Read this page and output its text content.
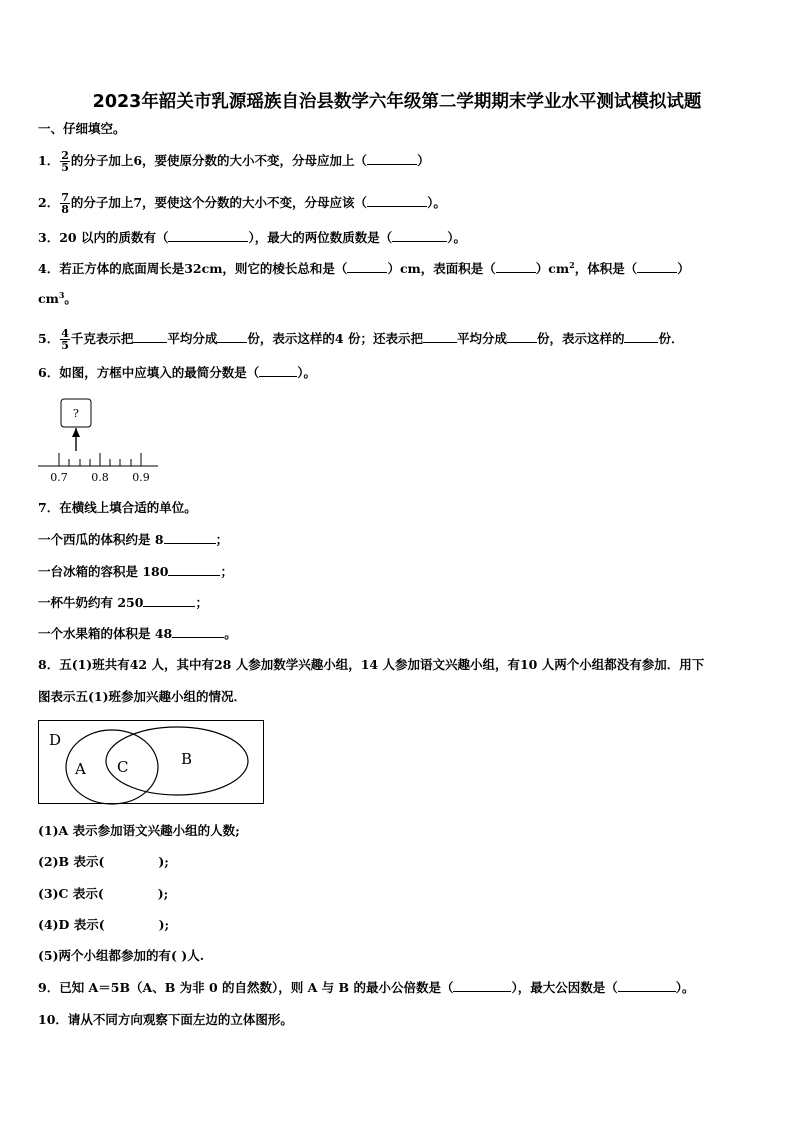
2023年韶关市乳源瑶族自治县数学六年级第二学期期末学业水平测试模拟试题
一、仔细填空。
1． $\frac{2}{5}$ 的分子加上6，要使原分数的大小不变，分母应加上（	）
2． $\frac{7}{8}$ 的分子加上7，要使这个分数的大小不变，分母应该（	）。
3．20 以内的质数有（	），最大的两位数质数是（	）。
4．若正方体的底面周长是32cm，则它的棱长总和是（	）cm，表面积是（	）$cm^2$，体积是（	）
$cm^3$。
5． $\frac{4}{5}$ 千克表示把	平均分成 份，表示这样的4 份；还表示把	平均分成 份，表示这样的	份．
6．如图，方框中应填入的最简分数是（	）。
?
0.7 0.8 0.9
7．在横线上填合适的单位。
一个西瓜的体积约是 8	；
一台冰箱的容积是 180	；
一杯牛奶约有 250	；
一个水果箱的体积是 48	。
8．五(1)班共有42 人，其中有28 人参加数学兴趣小组，14 人参加语文兴趣小组，有10 人两个小组都没有参加．用下
图表示五(1)班参加兴趣小组的情况．
D
A C	B
(1)A 表示参加语文兴趣小组的人数;
(2)B 表示(	);
(3)C 表示(	);
(4)D 表示(	);
(5)两个小组都参加的有( )人.
9．已知 A＝5B（A、B 为非 0 的自然数），则 A 与 B 的最小公倍数是（	），最大公因数是（	）。
10．请从不同方向观察下面左边的立体图形。
